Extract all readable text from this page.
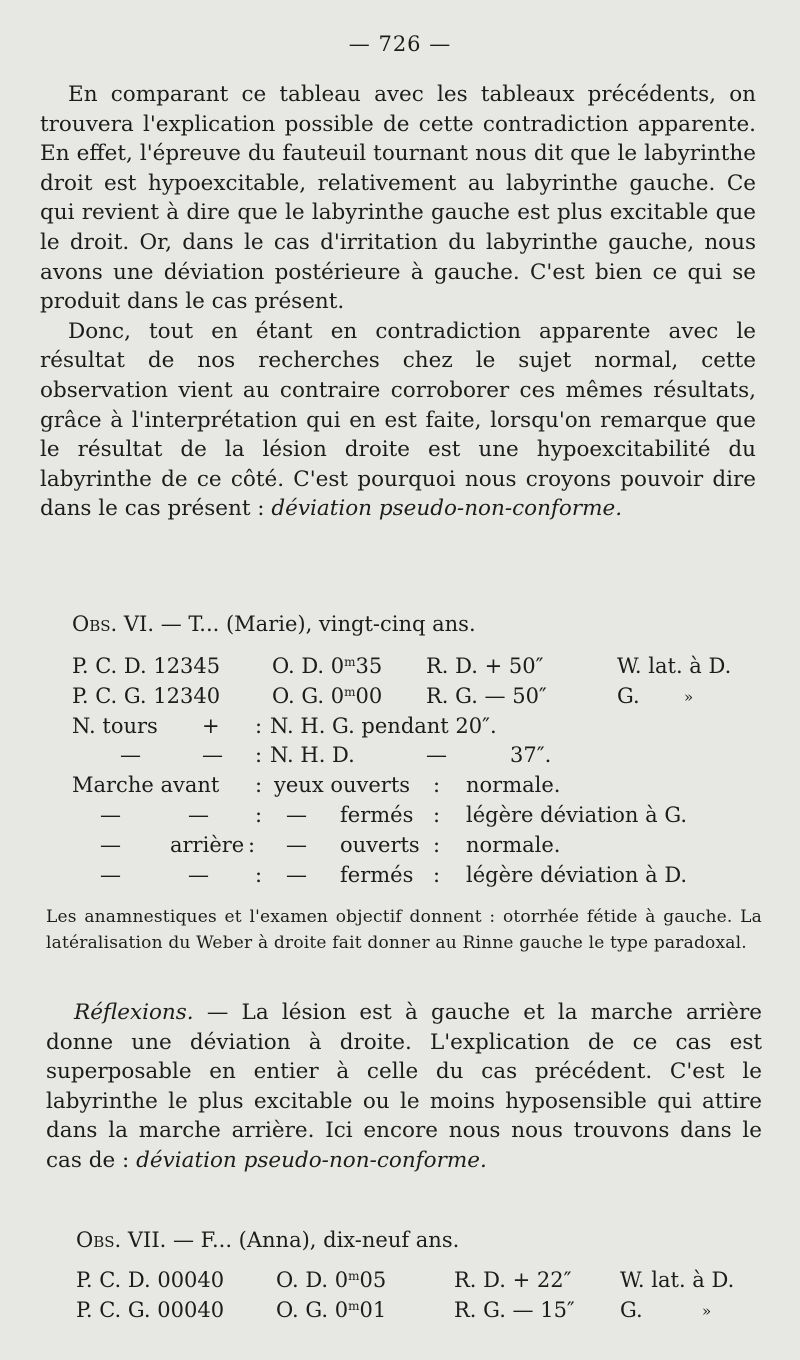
— 726 —

En comparant ce tableau avec les tableaux précédents, on trouvera l'explication possible de cette contradiction apparente. En effet, l'épreuve du fauteuil tournant nous dit que le labyrinthe droit est hypoexcitable, relativement au labyrinthe gauche. Ce qui revient à dire que le labyrinthe gauche est plus excitable que le droit. Or, dans le cas d'irritation du labyrinthe gauche, nous avons une déviation postérieure à gauche. C'est bien ce qui se produit dans le cas présent.

Donc, tout en étant en contradiction apparente avec le résultat de nos recherches chez le sujet normal, cette observation vient au contraire corroborer ces mêmes résultats, grâce à l'interprétation qui en est faite, lorsqu'on remarque que le résultat de la lésion droite est une hypoexcitabilité du labyrinthe de ce côté. C'est pourquoi nous croyons pouvoir dire dans le cas présent : déviation pseudo-non-conforme.

Obs. VI. — T... (Marie), vingt-cinq ans.
P. C. D. 12345 O. D. 0$^m$35 R. D. + 50″	W. lat. à D.
P. C. G. 12340 O. G. 0$^m$00 R. G. — 50″	G.	»
N. tours + : N. H. G. pendant 20″.
—	— : N. H. D.	—	37″.
Marche avant : yeux ouverts : normale.
—	— : — fermés : légère déviation à G.
— arrière : — ouverts : normale.
—	— : — fermés : légère déviation à D.
Les anamnestiques et l'examen objectif donnent : otorrhée fétide à gauche. La latéralisation du Weber à droite fait donner au Rinne gauche le type paradoxal.

Réflexions. — La lésion est à gauche et la marche arrière donne une déviation à droite. L'explication de ce cas est superposable en entier à celle du cas précédent. C'est le labyrinthe le plus excitable ou le moins hyposensible qui attire dans la marche arrière. Ici encore nous nous trouvons dans le cas de : déviation pseudo-non-conforme.

Obs. VII. — F... (Anna), dix-neuf ans.
P. C. D. 00040 O. D. 0$^m$05	R. D. + 22″ W. lat. à D.
P. C. G. 00040 O. G. 0$^m$01	R. G. — 15″ G.	»
